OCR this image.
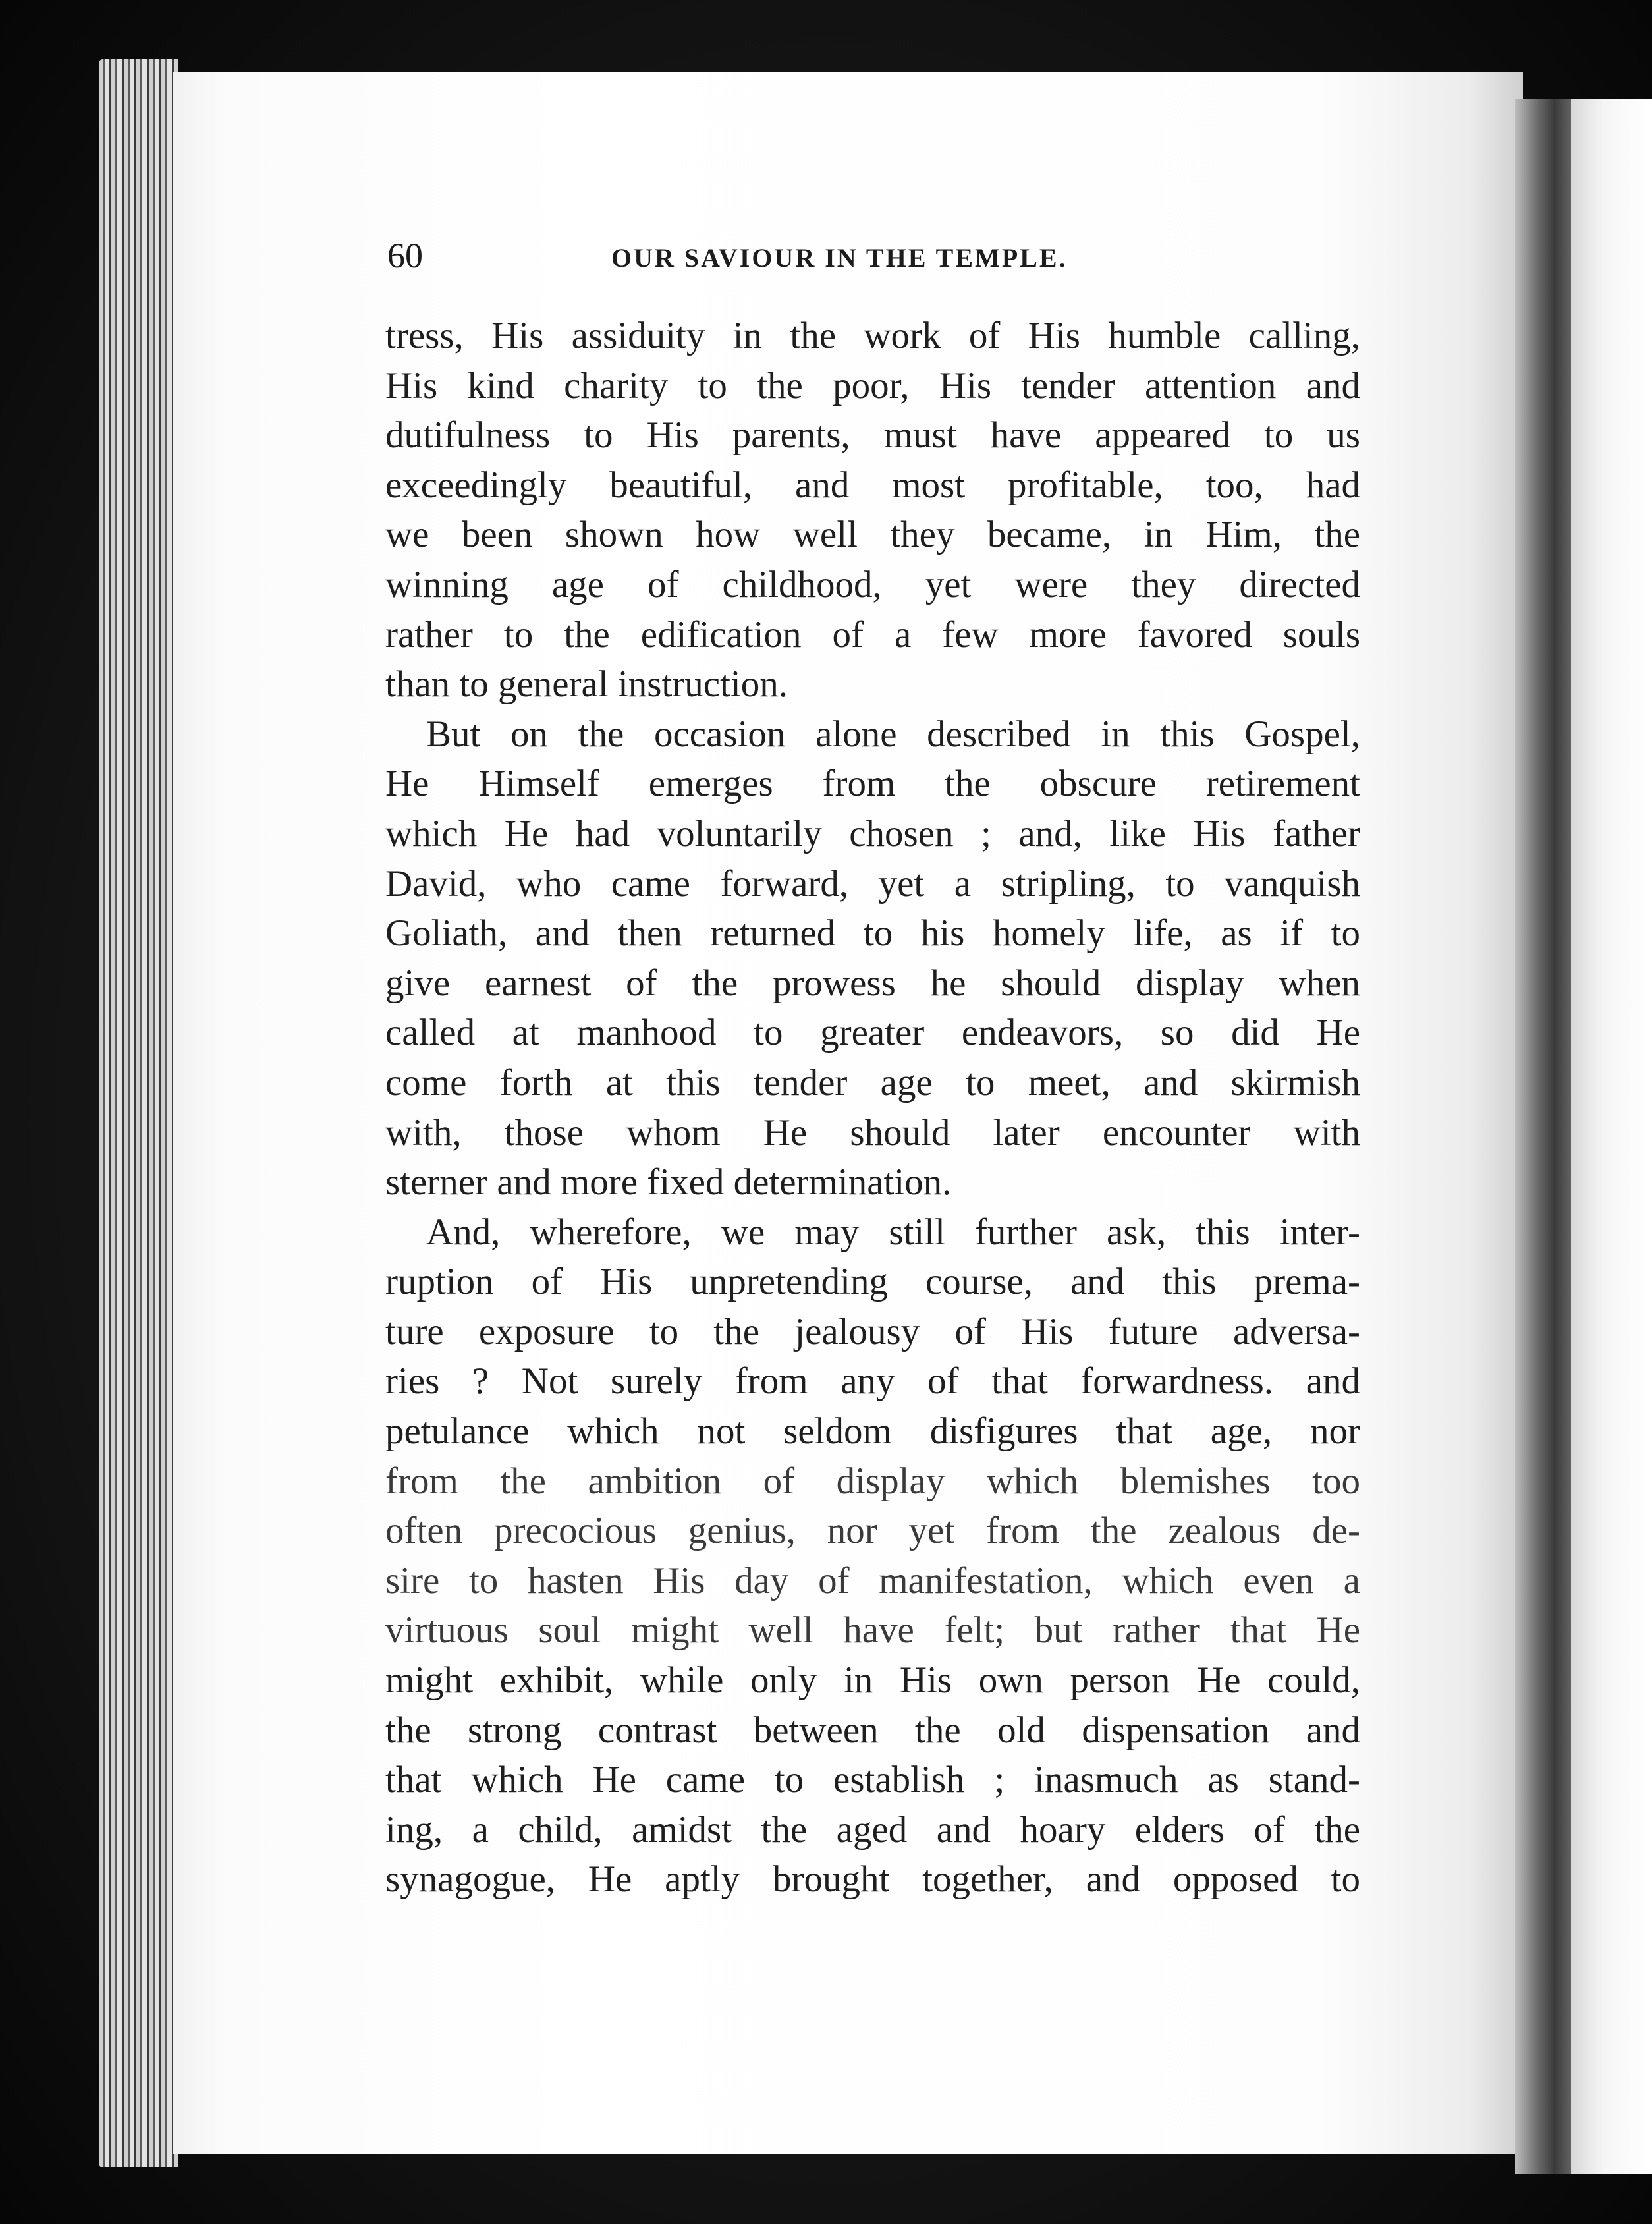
60	OUR SAVIOUR IN THE TEMPLE.
tress, His assiduity in the work of His humble calling,
His kind charity to the poor, His tender attention and
dutifulness to His parents, must have appeared to us
exceedingly beautiful, and most profitable, too, had
we been shown how well they became, in Him, the
winning age of childhood, yet were they directed
rather to the edification of a few more favored souls
than to general instruction.
But on the occasion alone described in this Gospel,
He Himself emerges from the obscure retirement
which He had voluntarily chosen ; and, like His father
David, who came forward, yet a stripling, to vanquish
Goliath, and then returned to his homely life, as if to
give earnest of the prowess he should display when
called at manhood to greater endeavors, so did He
come forth at this tender age to meet, and skirmish
with, those whom He should later encounter with
sterner and more fixed determination.
And, wherefore, we may still further ask, this inter-
ruption of His unpretending course, and this prema-
ture exposure to the jealousy of His future adversa-
ries ? Not surely from any of that forwardness. and
petulance which not seldom disfigures that age, nor
from the ambition of display which blemishes too
often precocious genius, nor yet from the zealous de-
sire to hasten His day of manifestation, which even a
virtuous soul might well have felt; but rather that He
might exhibit, while only in His own person He could,
the strong contrast between the old dispensation and
that which He came to establish ; inasmuch as stand-
ing, a child, amidst the aged and hoary elders of the
synagogue, He aptly brought together, and opposed to
